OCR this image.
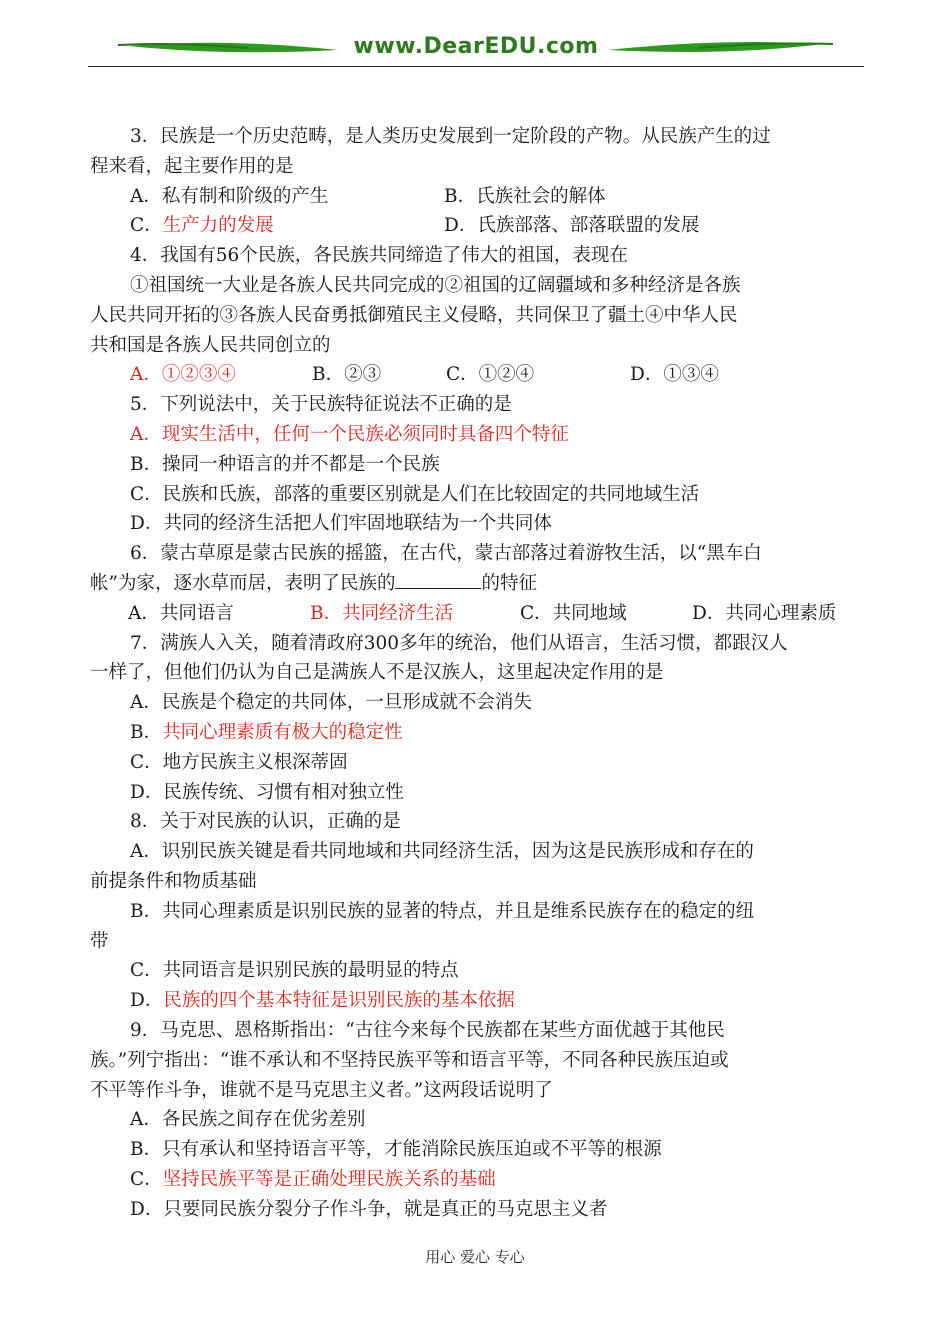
www.DearEDU.com
3．民族是一个历史范畴，是人类历史发展到一定阶段的产物。从民族产生的过
程来看，起主要作用的是
A．私有制和阶级的产生	B．氏族社会的解体
C．生产力的发展	D．氏族部落、部落联盟的发展
4．我国有56个民族，各民族共同缔造了伟大的祖国，表现在
①祖国统一大业是各族人民共同完成的②祖国的辽阔疆域和多种经济是各族
人民共同开拓的③各族人民奋勇抵御殖民主义侵略，共同保卫了疆土④中华人民
共和国是各族人民共同创立的
A．①②③④	B．②③	C．①②④	D．①③④
5．下列说法中，关于民族特征说法不正确的是
A．现实生活中，任何一个民族必须同时具备四个特征
B．操同一种语言的并不都是一个民族
C．民族和氏族，部落的重要区别就是人们在比较固定的共同地域生活
D．共同的经济生活把人们牢固地联结为一个共同体
6．蒙古草原是蒙古民族的摇篮，在古代，蒙古部落过着游牧生活，以“黑车白
帐”为家，逐水草而居，表明了民族的	的特征
A．共同语言	B．共同经济生活	C．共同地域	D．共同心理素质
7．满族人入关，随着清政府300多年的统治，他们从语言，生活习惯，都跟汉人
一样了，但他们仍认为自己是满族人不是汉族人，这里起决定作用的是
A．民族是个稳定的共同体，一旦形成就不会消失
B．共同心理素质有极大的稳定性
C．地方民族主义根深蒂固
D．民族传统、习惯有相对独立性
8．关于对民族的认识，正确的是
A．识别民族关键是看共同地域和共同经济生活，因为这是民族形成和存在的
前提条件和物质基础
B．共同心理素质是识别民族的显著的特点，并且是维系民族存在的稳定的纽
带
C．共同语言是识别民族的最明显的特点
D．民族的四个基本特征是识别民族的基本依据
9．马克思、恩格斯指出：“古往今来每个民族都在某些方面优越于其他民
族。”列宁指出：“谁不承认和不坚持民族平等和语言平等，不同各种民族压迫或
不平等作斗争，谁就不是马克思主义者。”这两段话说明了
A．各民族之间存在优劣差别
B．只有承认和坚持语言平等，才能消除民族压迫或不平等的根源
C．坚持民族平等是正确处理民族关系的基础
D．只要同民族分裂分子作斗争，就是真正的马克思主义者
用心 爱心 专心
